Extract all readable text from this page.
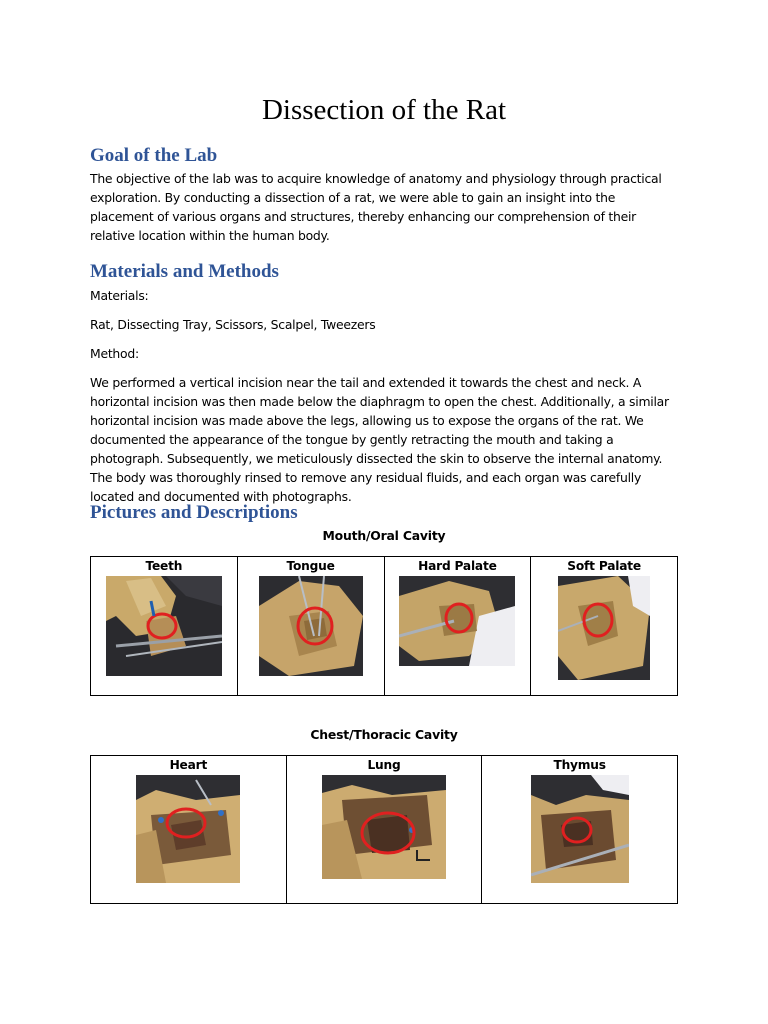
Dissection of the Rat
Goal of the Lab

The objective of the lab was to acquire knowledge of anatomy and physiology through practical exploration. By conducting a dissection of a rat, we were able to gain an insight into the placement of various organs and structures, thereby enhancing our comprehension of their relative location within the human body.

Materials and Methods

Materials:

Rat, Dissecting Tray, Scissors, Scalpel, Tweezers

Method:

We performed a vertical incision near the tail and extended it towards the chest and neck. A horizontal incision was then made below the diaphragm to open the chest. Additionally, a similar horizontal incision was made above the legs, allowing us to expose the organs of the rat. We documented the appearance of the tongue by gently retracting the mouth and taking a photograph. Subsequently, we meticulously dissected the skin to observe the internal anatomy. The body was thoroughly rinsed to remove any residual fluids, and each organ was carefully located and documented with photographs.

Pictures and Descriptions
Mouth/Oral Cavity
Teeth	Tongue	Hard Palate	Soft Palate
Chest/Thoracic Cavity
Heart	Lung	Thymus
